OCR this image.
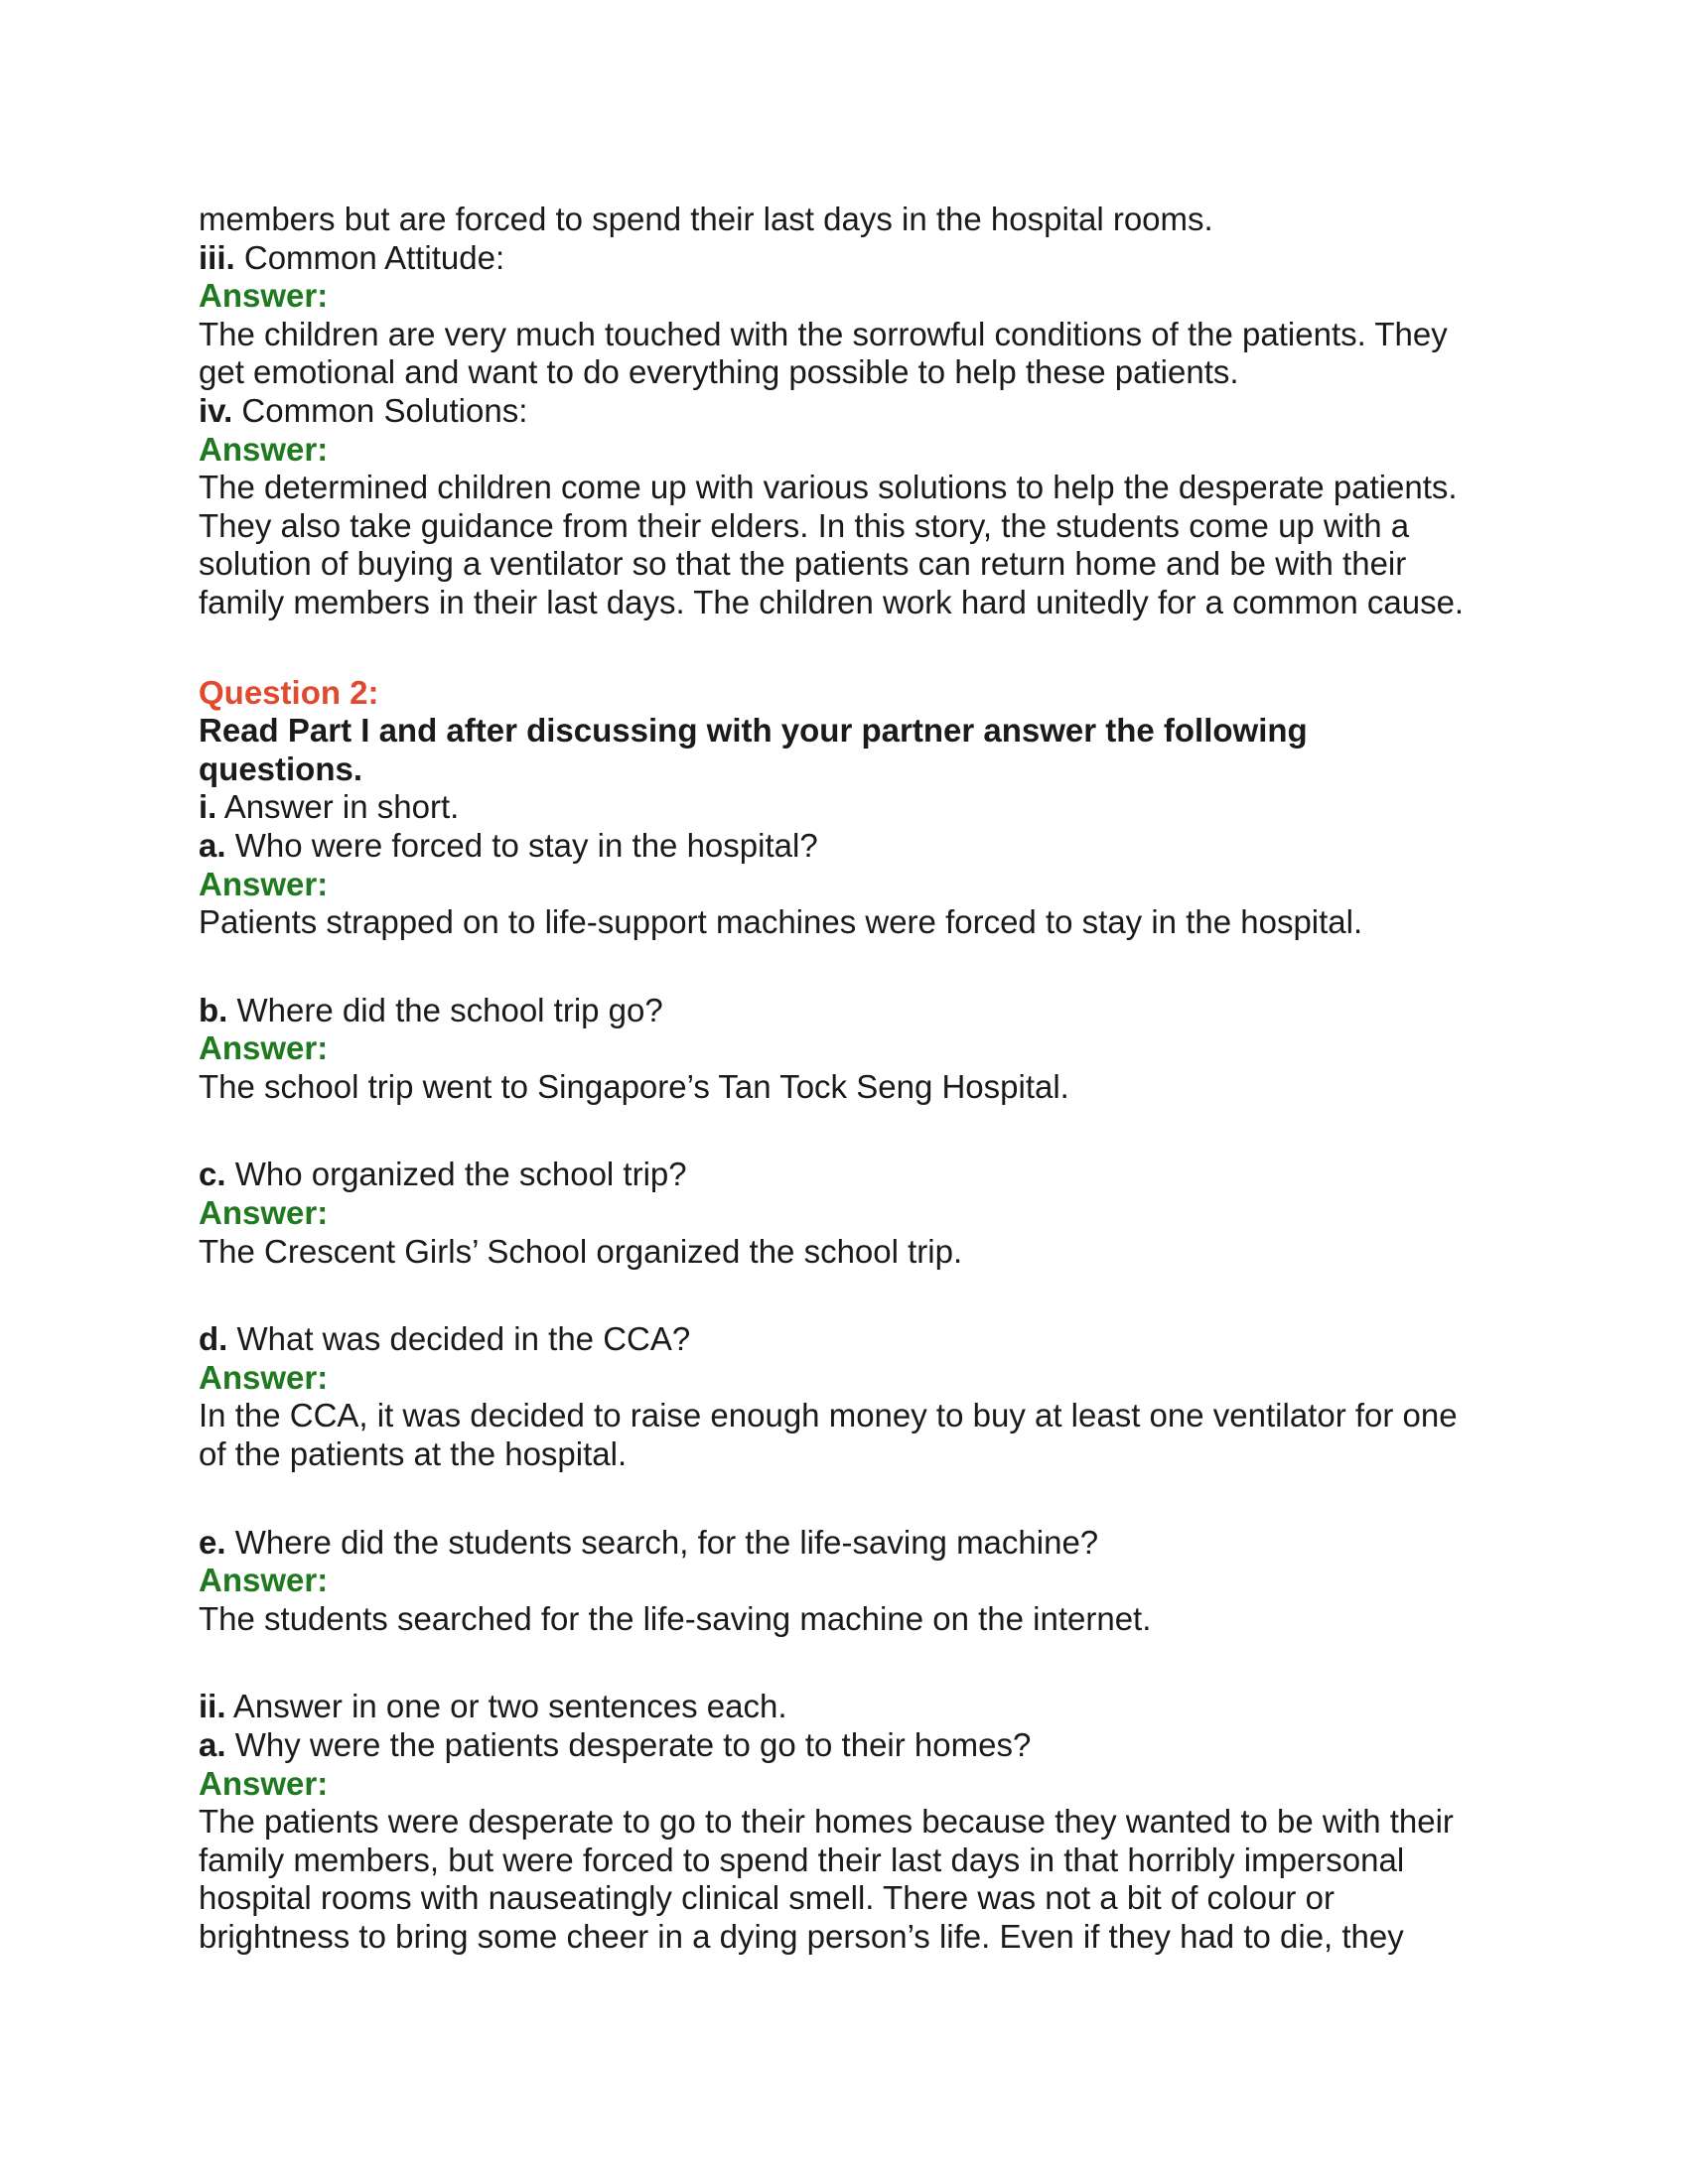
members but are forced to spend their last days in the hospital rooms.
iii. Common Attitude:
Answer:
The children are very much touched with the sorrowful conditions of the patients. They
get emotional and want to do everything possible to help these patients.
iv. Common Solutions:
Answer:
The determined children come up with various solutions to help the desperate patients.
They also take guidance from their elders. In this story, the students come up with a
solution of buying a ventilator so that the patients can return home and be with their
family members in their last days. The children work hard unitedly for a common cause.
Question 2:
Read Part I and after discussing with your partner answer the following
questions.
i. Answer in short.
a. Who were forced to stay in the hospital?
Answer:
Patients strapped on to life-support machines were forced to stay in the hospital.
b. Where did the school trip go?
Answer:
The school trip went to Singapore’s Tan Tock Seng Hospital.
c. Who organized the school trip?
Answer:
The Crescent Girls’ School organized the school trip.
d. What was decided in the CCA?
Answer:
In the CCA, it was decided to raise enough money to buy at least one ventilator for one
of the patients at the hospital.
e. Where did the students search, for the life-saving machine?
Answer:
The students searched for the life-saving machine on the internet.
ii. Answer in one or two sentences each.
a. Why were the patients desperate to go to their homes?
Answer:
The patients were desperate to go to their homes because they wanted to be with their
family members, but were forced to spend their last days in that horribly impersonal
hospital rooms with nauseatingly clinical smell. There was not a bit of colour or
brightness to bring some cheer in a dying person’s life. Even if they had to die, they
